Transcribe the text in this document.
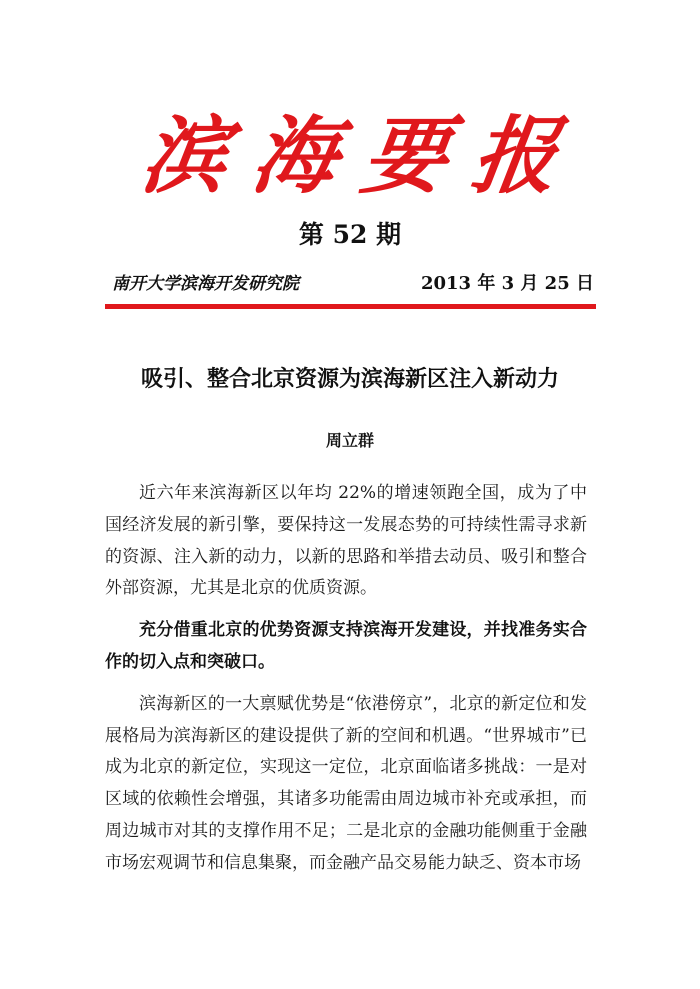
滨海要报
第 52 期
南开大学滨海开发研究院	2013 年 3 月 25 日
吸引、整合北京资源为滨海新区注入新动力
周立群

近六年来滨海新区以年均 22%的增速领跑全国，成为了中国经济发展的新引擎，要保持这一发展态势的可持续性需寻求新的资源、注入新的动力，以新的思路和举措去动员、吸引和整合外部资源，尤其是北京的优质资源。

充分借重北京的优势资源支持滨海开发建设，并找准务实合作的切入点和突破口。

滨海新区的一大禀赋优势是“依港傍京”，北京的新定位和发展格局为滨海新区的建设提供了新的空间和机遇。“世界城市”已成为北京的新定位，实现这一定位，北京面临诸多挑战：一是对区域的依赖性会增强，其诸多功能需由周边城市补充或承担，而周边城市对其的支撑作用不足；二是北京的金融功能侧重于金融市场宏观调节和信息集聚，而金融产品交易能力缺乏、资本市场
